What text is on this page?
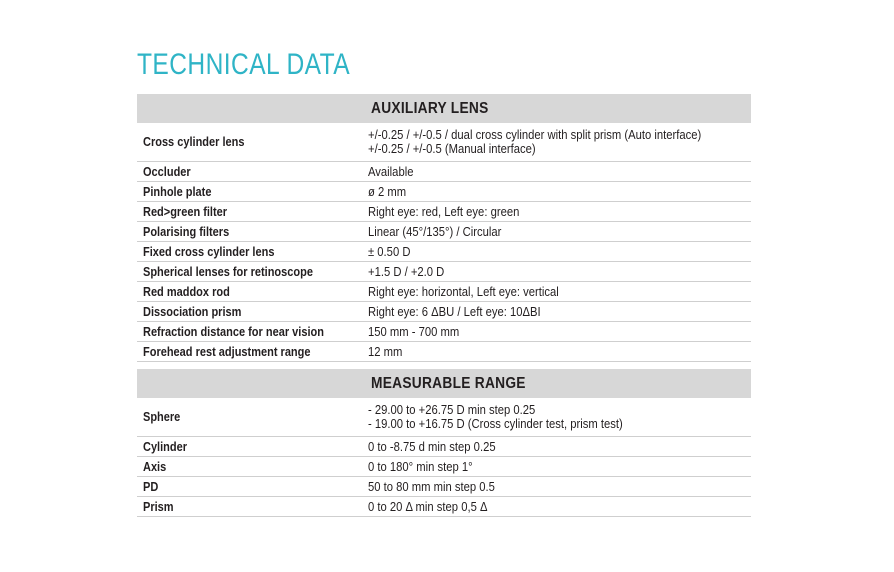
TECHNICAL DATA
AUXILIARY LENS	
Cross cylinder lens	+/-0.25 / +/-0.5 / dual cross cylinder with split prism (Auto interface)
+/-0.25 / +/-0.5 (Manual interface)
Occluder	Available
Pinhole plate	ø 2 mm
Red>green filter	Right eye: red, Left eye: green
Polarising filters	Linear (45°/135°) / Circular
Fixed cross cylinder lens	± 0.50 D
Spherical lenses for retinoscope	+1.5 D / +2.0 D
Red maddox rod	Right eye: horizontal, Left eye: vertical
Dissociation prism	Right eye: 6 ΔBU / Left eye: 10ΔBI
Refraction distance for near vision	150 mm - 700 mm
Forehead rest adjustment range	12 mm
MEASURABLE RANGE	
Sphere	- 29.00 to +26.75 D min step 0.25
- 19.00 to +16.75 D (Cross cylinder test, prism test)
Cylinder	0 to -8.75 d min step 0.25
Axis	0 to 180° min step 1°
PD	50 to 80 mm min step 0.5
Prism	0 to 20 Δ min step 0,5 Δ
